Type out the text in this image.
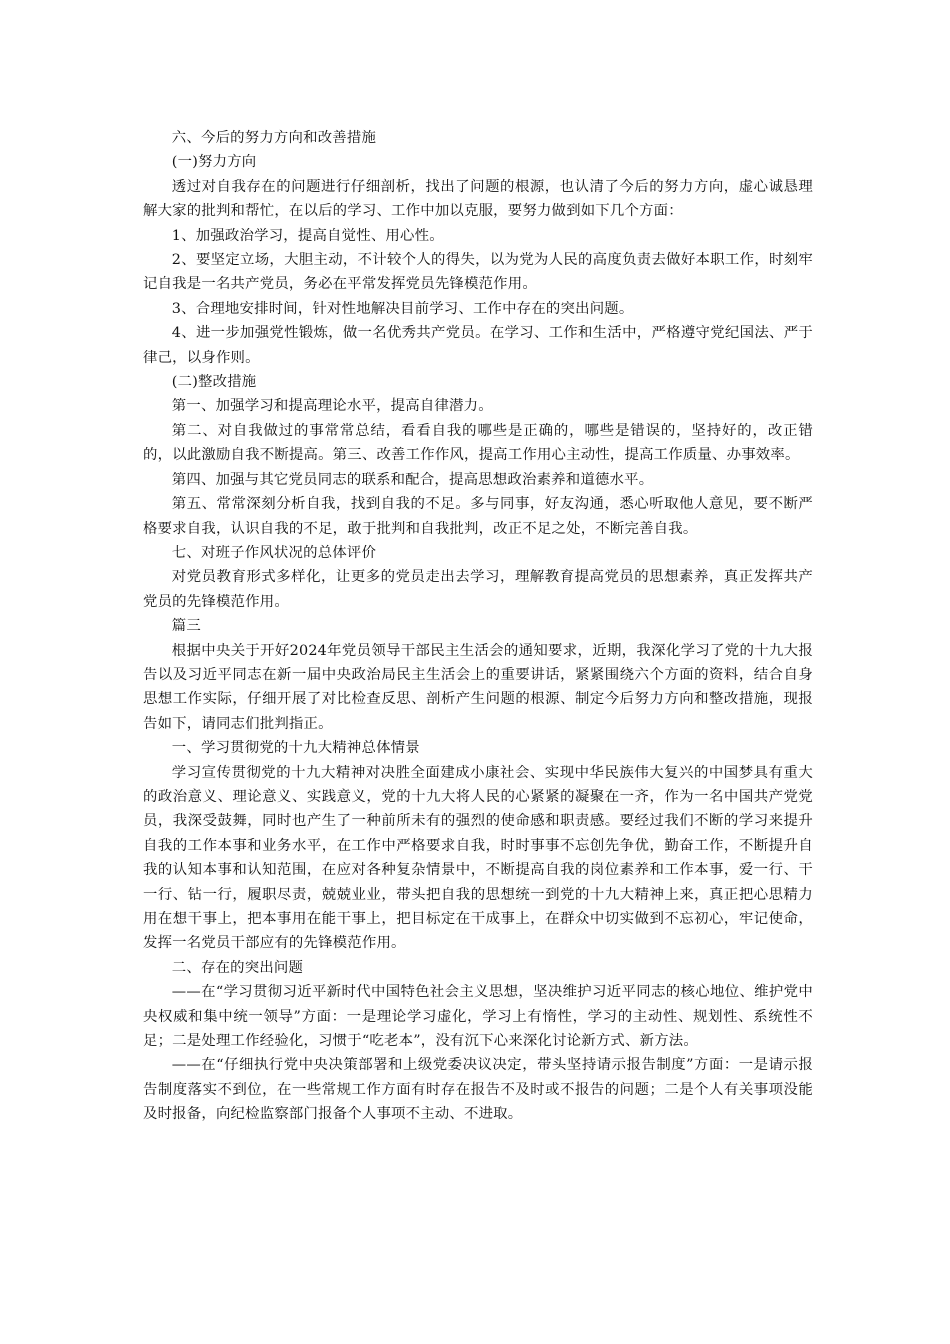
六、今后的努力方向和改善措施

(一)努力方向

透过对自我存在的问题进行仔细剖析，找出了问题的根源，也认清了今后的努力方向，虚心诚恳理解大家的批判和帮忙，在以后的学习、工作中加以克服，要努力做到如下几个方面：

1、加强政治学习，提高自觉性、用心性。

2、要坚定立场，大胆主动，不计较个人的得失，以为党为人民的高度负责去做好本职工作，时刻牢记自我是一名共产党员，务必在平常发挥党员先锋模范作用。

3、合理地安排时间，针对性地解决目前学习、工作中存在的突出问题。

4、进一步加强党性锻炼，做一名优秀共产党员。在学习、工作和生活中，严格遵守党纪国法、严于律己，以身作则。

(二)整改措施

第一、加强学习和提高理论水平，提高自律潜力。

第二、对自我做过的事常常总结，看看自我的哪些是正确的，哪些是错误的，坚持好的，改正错的，以此激励自我不断提高。第三、改善工作作风，提高工作用心主动性，提高工作质量、办事效率。

第四、加强与其它党员同志的联系和配合，提高思想政治素养和道德水平。

第五、常常深刻分析自我，找到自我的不足。多与同事，好友沟通，悉心听取他人意见，要不断严格要求自我，认识自我的不足，敢于批判和自我批判，改正不足之处，不断完善自我。

七、对班子作风状况的总体评价

对党员教育形式多样化，让更多的党员走出去学习，理解教育提高党员的思想素养，真正发挥共产党员的先锋模范作用。

篇三

根据中央关于开好2024年党员领导干部民主生活会的通知要求，近期，我深化学习了党的十九大报告以及习近平同志在新一届中央政治局民主生活会上的重要讲话，紧紧围绕六个方面的资料，结合自身思想工作实际，仔细开展了对比检查反思、剖析产生问题的根源、制定今后努力方向和整改措施，现报告如下，请同志们批判指正。

一、学习贯彻党的十九大精神总体情景

学习宣传贯彻党的十九大精神对决胜全面建成小康社会、实现中华民族伟大复兴的中国梦具有重大的政治意义、理论意义、实践意义，党的十九大将人民的心紧紧的凝聚在一齐，作为一名中国共产党党员，我深受鼓舞，同时也产生了一种前所未有的强烈的使命感和职责感。要经过我们不断的学习来提升自我的工作本事和业务水平，在工作中严格要求自我，时时事事不忘创先争优，勤奋工作，不断提升自我的认知本事和认知范围，在应对各种复杂情景中，不断提高自我的岗位素养和工作本事，爱一行、干一行、钻一行，履职尽责，兢兢业业，带头把自我的思想统一到党的十九大精神上来，真正把心思精力用在想干事上，把本事用在能干事上，把目标定在干成事上，在群众中切实做到不忘初心，牢记使命，发挥一名党员干部应有的先锋模范作用。

二、存在的突出问题

——在“学习贯彻习近平新时代中国特色社会主义思想，坚决维护习近平同志的核心地位、维护党中央权威和集中统一领导”方面：一是理论学习虚化，学习上有惰性，学习的主动性、规划性、系统性不足；二是处理工作经验化，习惯于“吃老本”，没有沉下心来深化讨论新方式、新方法。

——在“仔细执行党中央决策部署和上级党委决议决定，带头坚持请示报告制度”方面：一是请示报告制度落实不到位，在一些常规工作方面有时存在报告不及时或不报告的问题；二是个人有关事项没能及时报备，向纪检监察部门报备个人事项不主动、不进取。
